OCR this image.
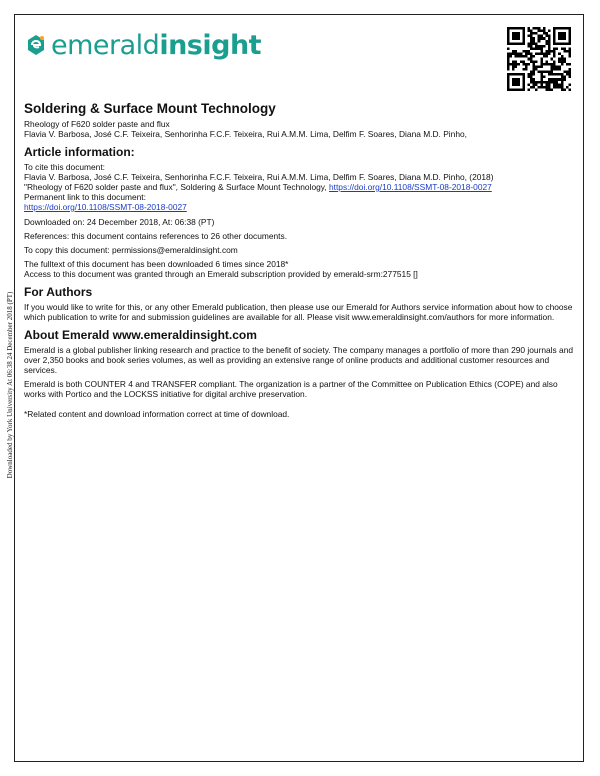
emeraldinsight
Soldering & Surface Mount Technology

Rheology of F620 solder paste and flux

Flavia V. Barbosa, José C.F. Teixeira, Senhorinha F.C.F. Teixeira, Rui A.M.M. Lima, Delfim F. Soares, Diana M.D. Pinho,

Article information:

To cite this document:

Flavia V. Barbosa, José C.F. Teixeira, Senhorinha F.C.F. Teixeira, Rui A.M.M. Lima, Delfim F. Soares, Diana M.D. Pinho, (2018)

"Rheology of F620 solder paste and flux", Soldering & Surface Mount Technology, https://doi.org/10.1108/SSMT-08-2018-0027

Permanent link to this document:

https://doi.org/10.1108/SSMT-08-2018-0027

Downloaded on: 24 December 2018, At: 06:38 (PT)

References: this document contains references to 26 other documents.

To copy this document: permissions@emeraldinsight.com

The fulltext of this document has been downloaded 6 times since 2018*

Access to this document was granted through an Emerald subscription provided by emerald-srm:277515 []

For Authors

If you would like to write for this, or any other Emerald publication, then please use our Emerald for Authors service information about how to choose which publication to write for and submission guidelines are available for all. Please visit www.emeraldinsight.com/authors for more information.

About Emerald www.emeraldinsight.com

Emerald is a global publisher linking research and practice to the benefit of society. The company manages a portfolio of more than 290 journals and over 2,350 books and book series volumes, as well as providing an extensive range of online products and additional customer resources and services.

Emerald is both COUNTER 4 and TRANSFER compliant. The organization is a partner of the Committee on Publication Ethics (COPE) and also works with Portico and the LOCKSS initiative for digital archive preservation.

*Related content and download information correct at time of download.

Downloaded by York University At 06:38 24 December 2018 (PT)
